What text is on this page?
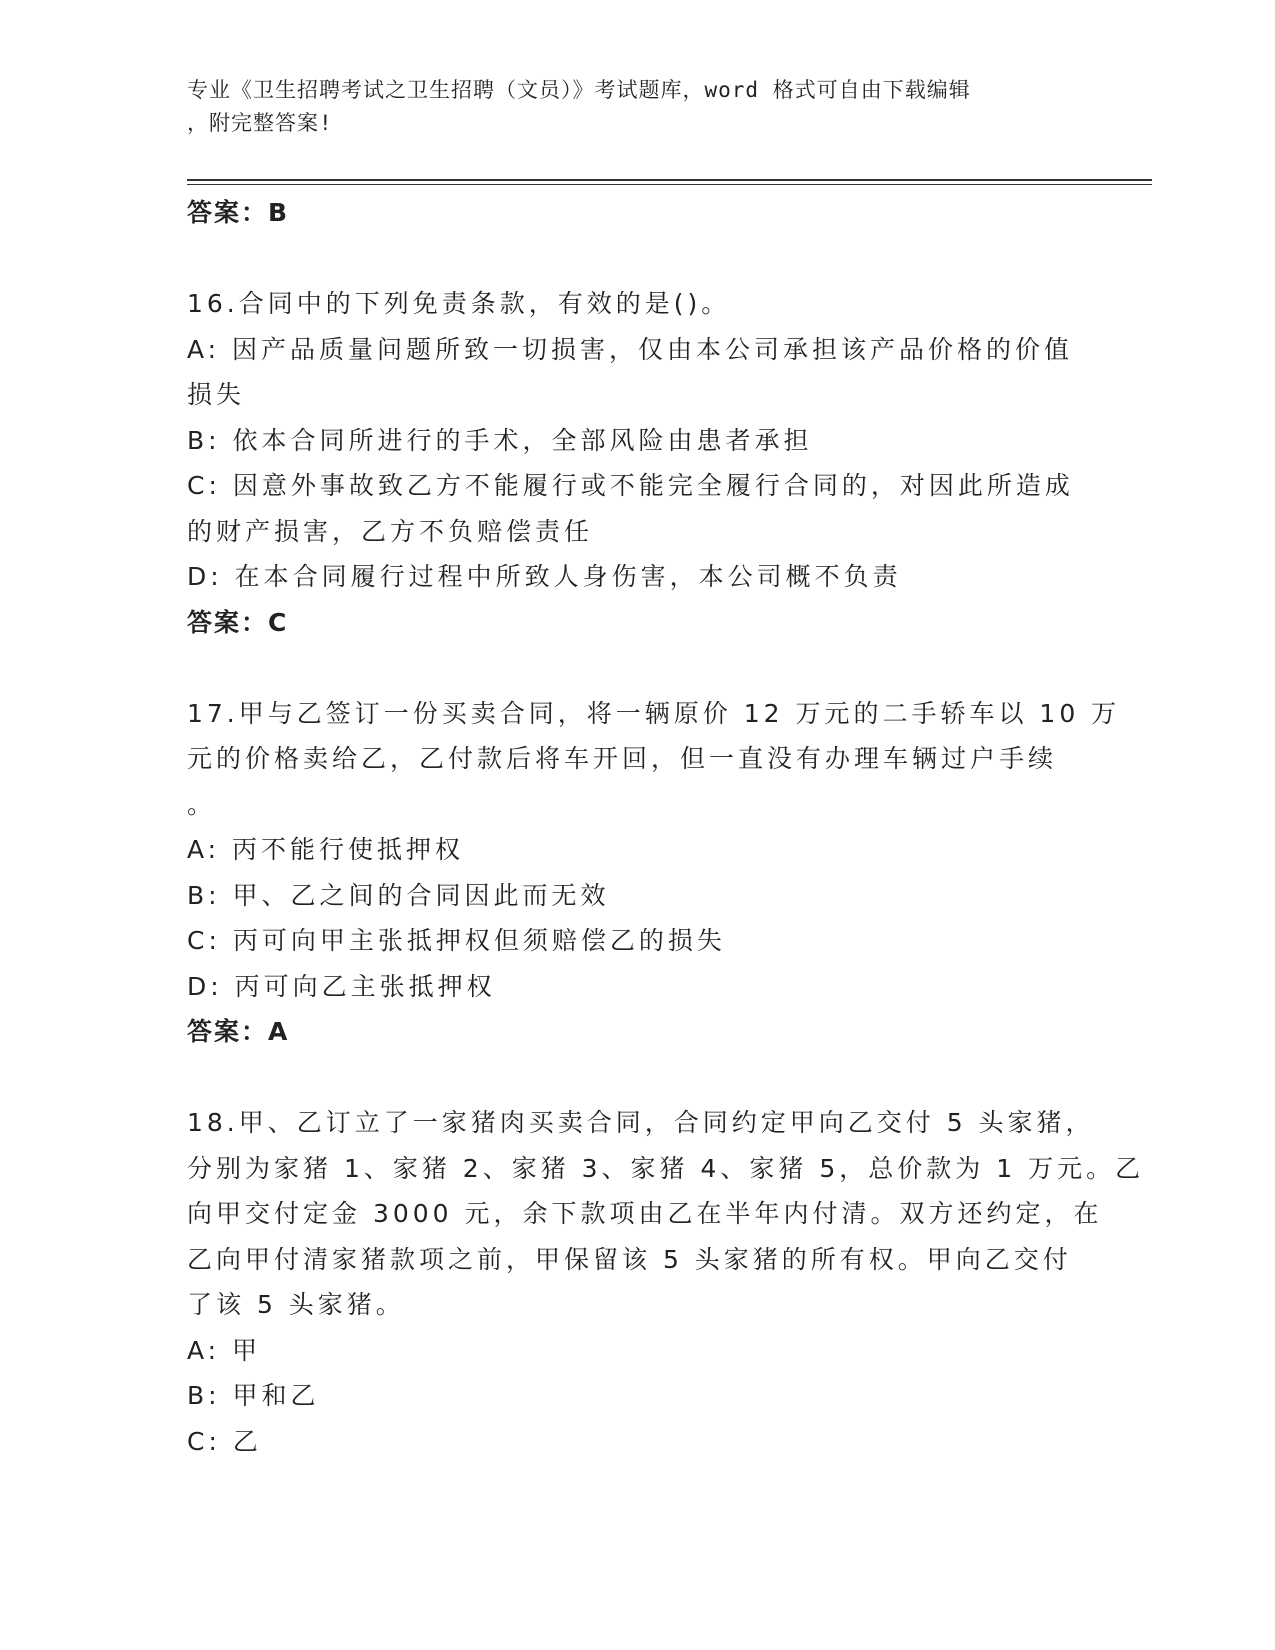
专业《卫生招聘考试之卫生招聘（文员）》考试题库，word 格式可自由下载编辑
，附完整答案!
答案：B
16.合同中的下列免责条款，有效的是()。
A: 因产品质量问题所致一切损害，仅由本公司承担该产品价格的价值
损失
B: 依本合同所进行的手术，全部风险由患者承担
C: 因意外事故致乙方不能履行或不能完全履行合同的，对因此所造成
的财产损害，乙方不负赔偿责任
D: 在本合同履行过程中所致人身伤害，本公司概不负责
答案：C
17.甲与乙签订一份买卖合同，将一辆原价 12 万元的二手轿车以 10 万
元的价格卖给乙，乙付款后将车开回，但一直没有办理车辆过户手续
。
A: 丙不能行使抵押权
B: 甲、乙之间的合同因此而无效
C: 丙可向甲主张抵押权但须赔偿乙的损失
D: 丙可向乙主张抵押权
答案：A
18.甲、乙订立了一家猪肉买卖合同，合同约定甲向乙交付 5 头家猪，
分别为家猪 1、家猪 2、家猪 3、家猪 4、家猪 5，总价款为 1 万元。乙
向甲交付定金 3000 元，余下款项由乙在半年内付清。双方还约定，在
乙向甲付清家猪款项之前，甲保留该 5 头家猪的所有权。甲向乙交付
了该 5 头家猪。
A: 甲
B: 甲和乙
C: 乙
